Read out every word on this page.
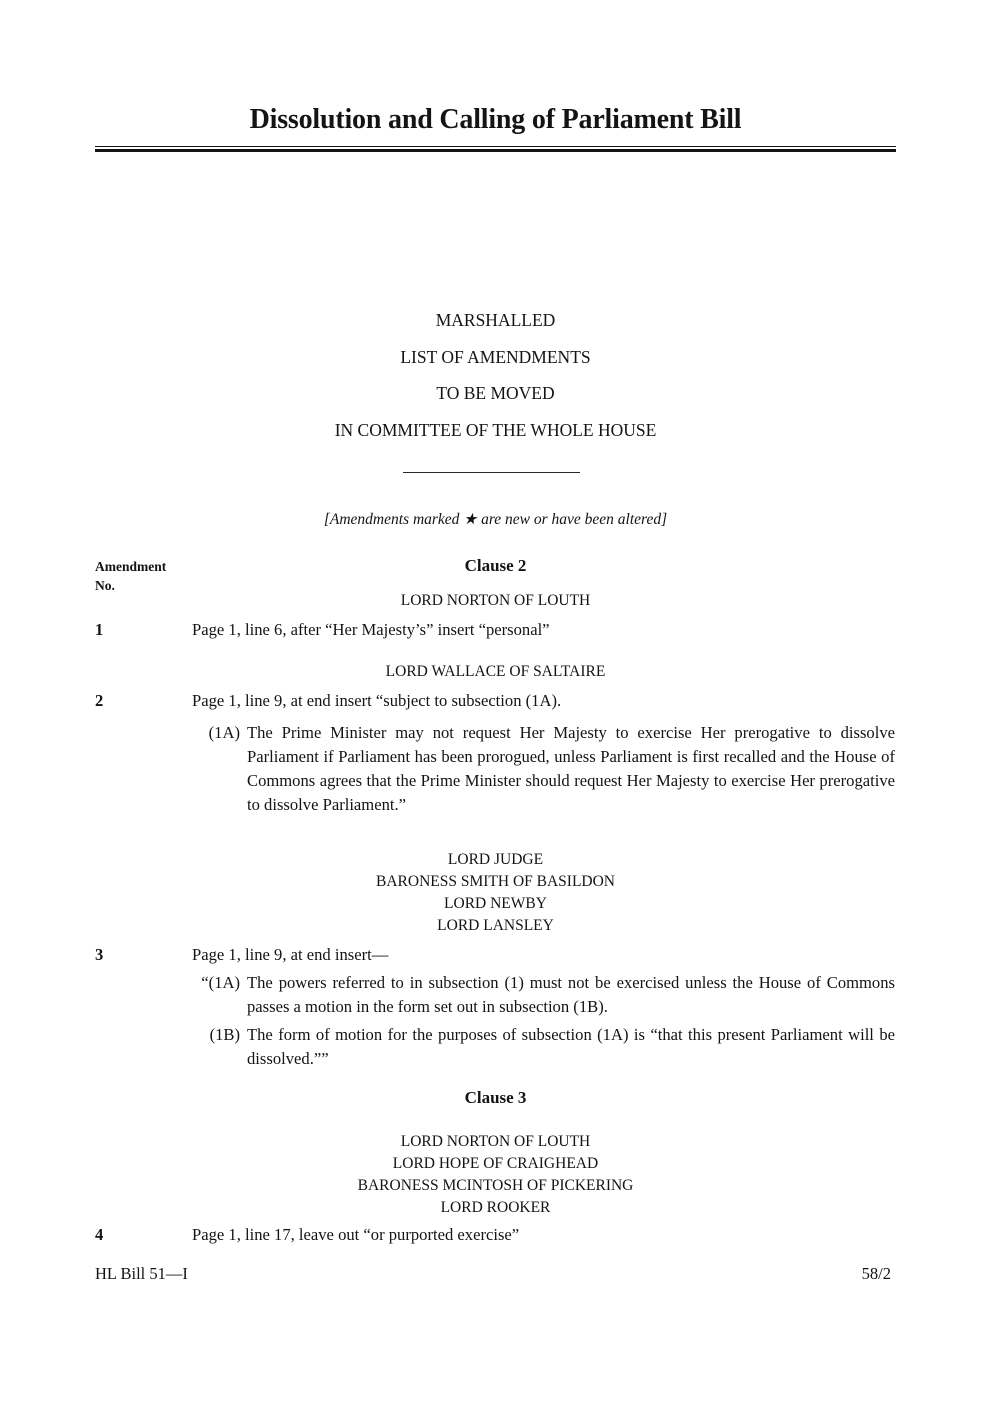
Dissolution and Calling of Parliament Bill
MARSHALLED
LIST OF AMENDMENTS
TO BE MOVED
IN COMMITTEE OF THE WHOLE HOUSE
[Amendments marked ★ are new or have been altered]
Amendment
No.
Clause 2
LORD NORTON OF LOUTH
1	Page 1, line 6, after “Her Majesty’s” insert “personal”
LORD WALLACE OF SALTAIRE
2	Page 1, line 9, at end insert “subject to subsection (1A).
(1A) The Prime Minister may not request Her Majesty to exercise Her prerogative to dissolve Parliament if Parliament has been prorogued, unless Parliament is first recalled and the House of Commons agrees that the Prime Minister should request Her Majesty to exercise Her prerogative to dissolve Parliament.”
LORD JUDGE
BARONESS SMITH OF BASILDON
LORD NEWBY
LORD LANSLEY
3	Page 1, line 9, at end insert—
“(1A) The powers referred to in subsection (1) must not be exercised unless the House of Commons passes a motion in the form set out in subsection (1B).
(1B) The form of motion for the purposes of subsection (1A) is “that this present Parliament will be dissolved.””
Clause 3
LORD NORTON OF LOUTH
LORD HOPE OF CRAIGHEAD
BARONESS MCINTOSH OF PICKERING
LORD ROOKER
4	Page 1, line 17, leave out “or purported exercise”
HL Bill 51—I	58/2
